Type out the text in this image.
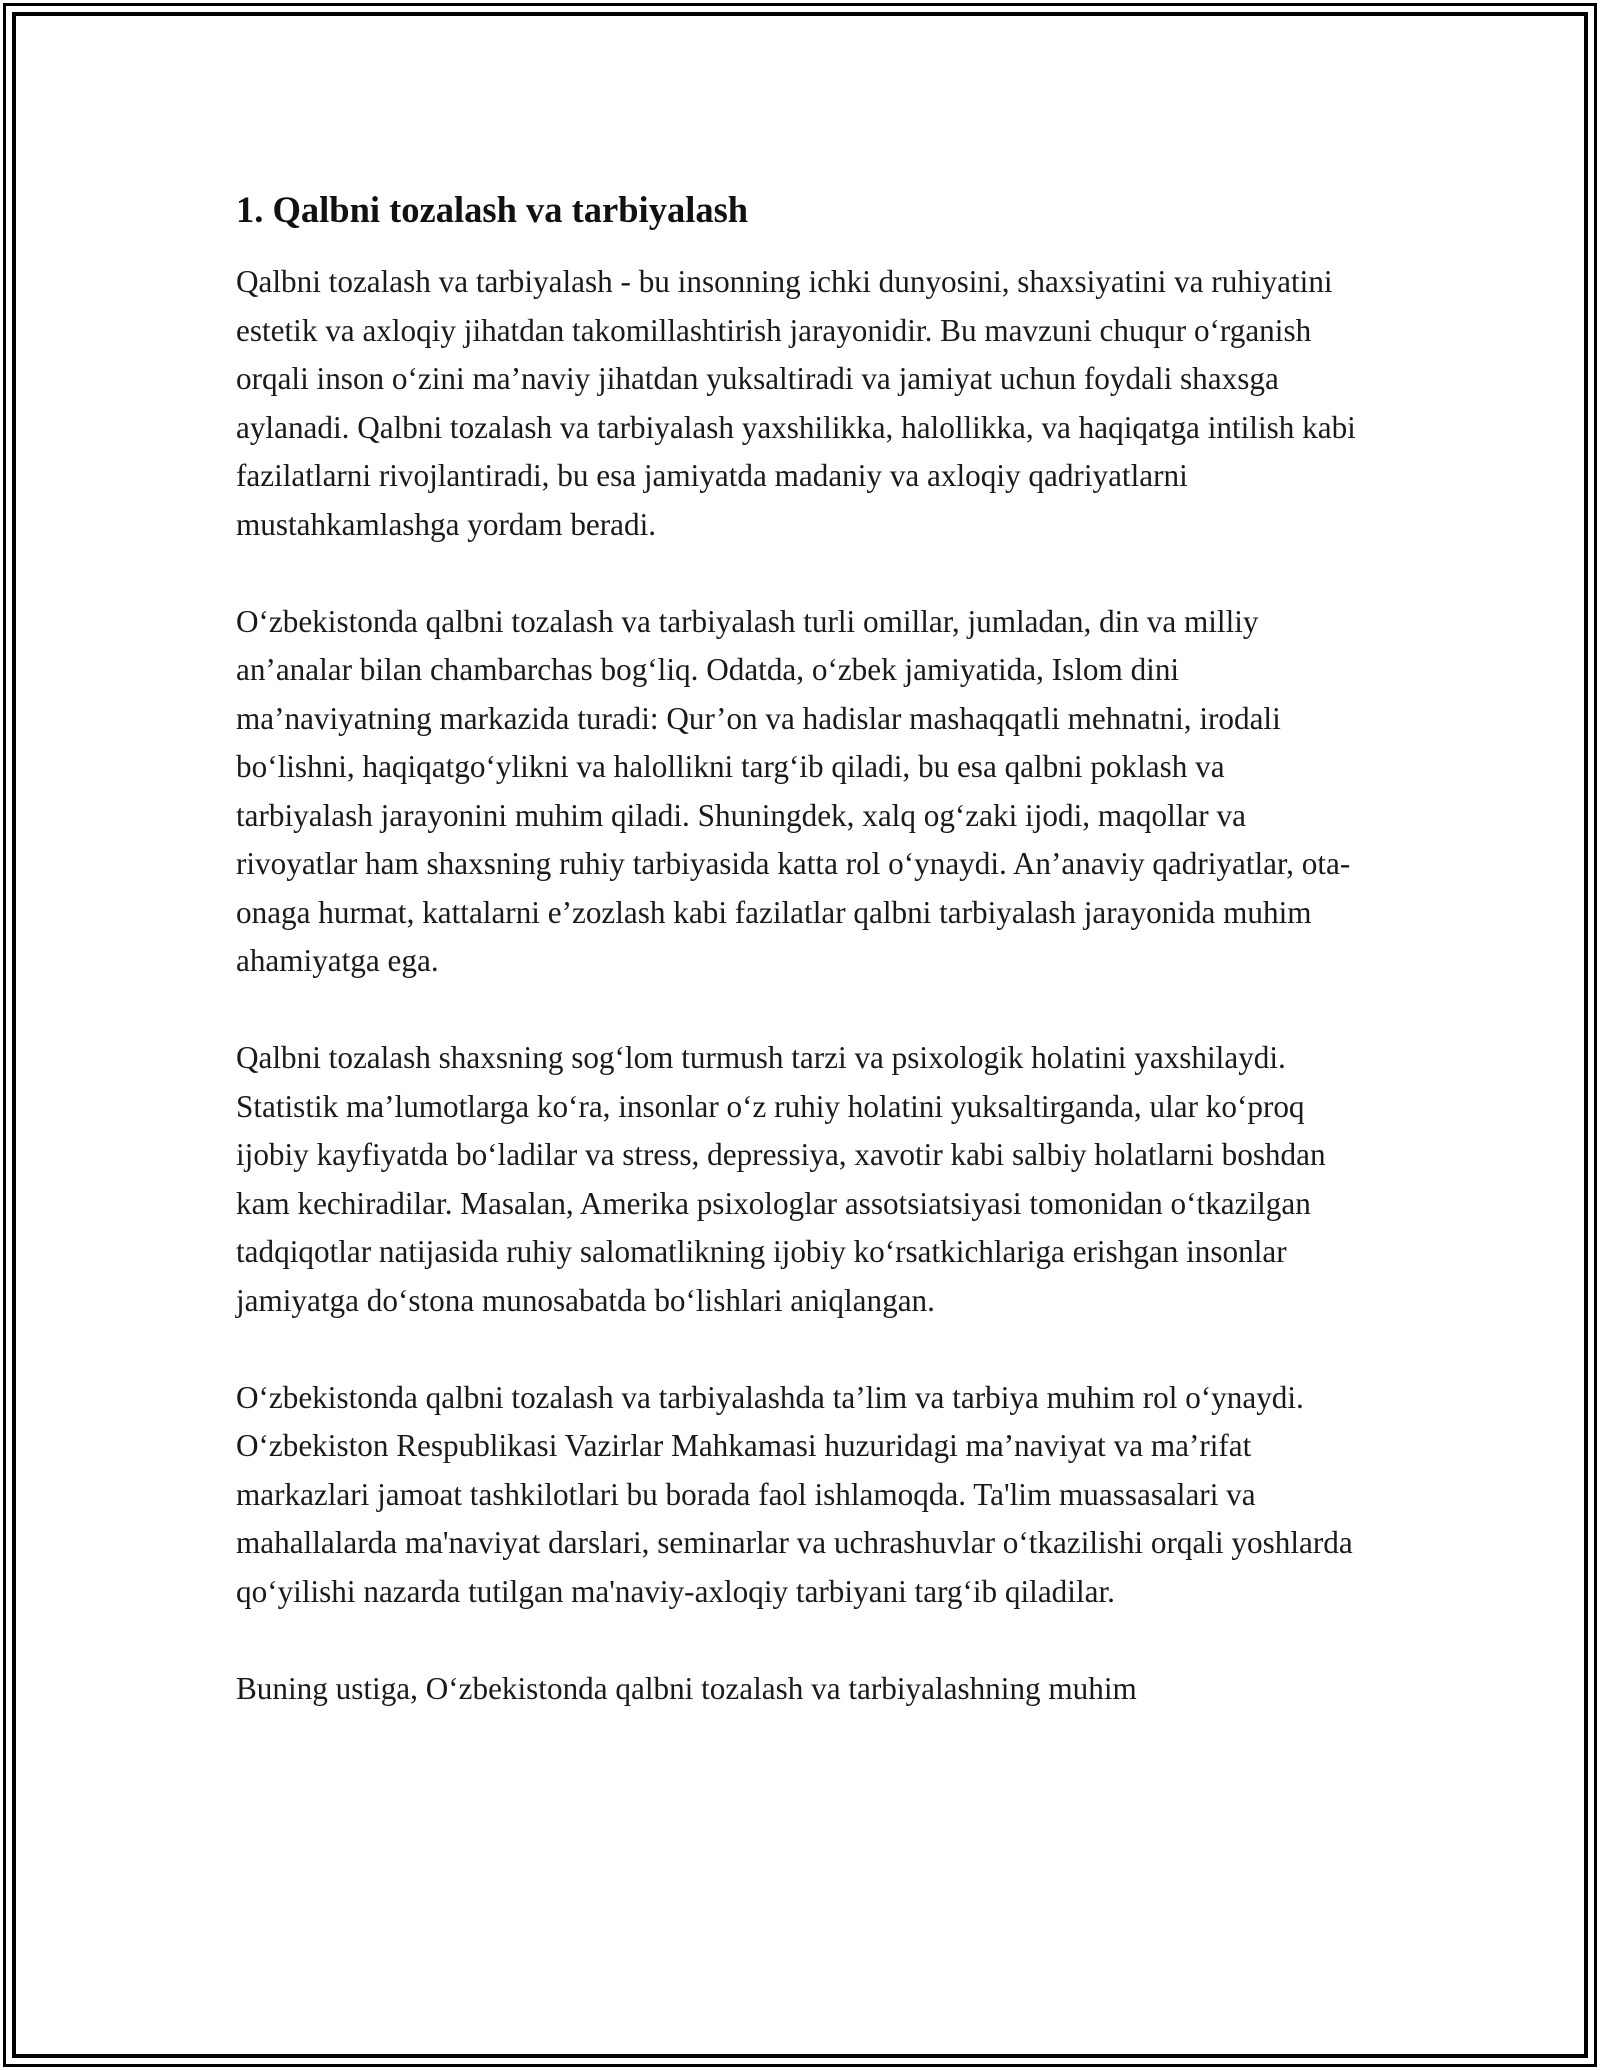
1. Qalbni tozalash va tarbiyalash

Qalbni tozalash va tarbiyalash - bu insonning ichki dunyosini, shaxsiyatini va ruhiyatini estetik va axloqiy jihatdan takomillashtirish jarayonidir. Bu mavzuni chuqur o‘rganish orqali inson o‘zini ma’naviy jihatdan yuksaltiradi va jamiyat uchun foydali shaxsga aylanadi. Qalbni tozalash va tarbiyalash yaxshilikka, halollikka, va haqiqatga intilish kabi fazilatlarni rivojlantiradi, bu esa jamiyatda madaniy va axloqiy qadriyatlarni mustahkamlashga yordam beradi.

O‘zbekistonda qalbni tozalash va tarbiyalash turli omillar, jumladan, din va milliy an’analar bilan chambarchas bog‘liq. Odatda, o‘zbek jamiyatida, Islom dini ma’naviyatning markazida turadi: Qur’on va hadislar mashaqqatli mehnatni, irodali bo‘lishni, haqiqatgo‘ylikni va halollikni targ‘ib qiladi, bu esa qalbni poklash va tarbiyalash jarayonini muhim qiladi. Shuningdek, xalq og‘zaki ijodi, maqollar va rivoyatlar ham shaxsning ruhiy tarbiyasida katta rol o‘ynaydi. An’anaviy qadriyatlar, ota-onaga hurmat, kattalarni e’zozlash kabi fazilatlar qalbni tarbiyalash jarayonida muhim ahamiyatga ega.

Qalbni tozalash shaxsning sog‘lom turmush tarzi va psixologik holatini yaxshilaydi. Statistik ma’lumotlarga ko‘ra, insonlar o‘z ruhiy holatini yuksaltirganda, ular ko‘proq ijobiy kayfiyatda bo‘ladilar va stress, depressiya, xavotir kabi salbiy holatlarni boshdan kam kechiradilar. Masalan, Amerika psixologlar assotsiatsiyasi tomonidan o‘tkazilgan tadqiqotlar natijasida ruhiy salomatlikning ijobiy ko‘rsatkichlariga erishgan insonlar jamiyatga do‘stona munosabatda bo‘lishlari aniqlangan.

O‘zbekistonda qalbni tozalash va tarbiyalashda ta’lim va tarbiya muhim rol o‘ynaydi. O‘zbekiston Respublikasi Vazirlar Mahkamasi huzuridagi ma’naviyat va ma’rifat markazlari jamoat tashkilotlari bu borada faol ishlamoqda. Ta'lim muassasalari va mahallalarda ma'naviyat darslari, seminarlar va uchrashuvlar o‘tkazilishi orqali yoshlarda qo‘yilishi nazarda tutilgan ma'naviy-axloqiy tarbiyani targ‘ib qiladilar.

Buning ustiga, O‘zbekistonda qalbni tozalash va tarbiyalashning muhim
